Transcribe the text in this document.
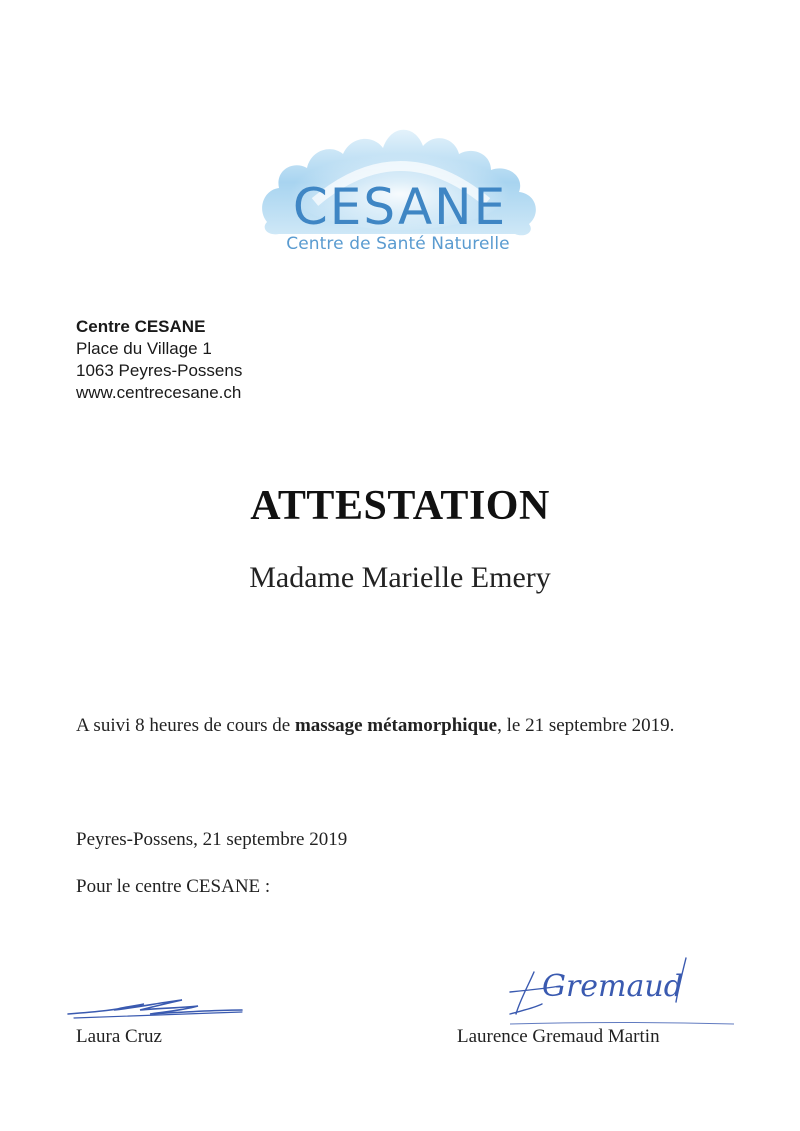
CESANE
Centre de Santé Naturelle
Centre CESANE
Place du Village 1
1063 Peyres-Possens
www.centrecesane.ch
ATTESTATION
Madame Marielle Emery
A suivi 8 heures de cours de massage métamorphique, le 21 septembre 2019.
Peyres-Possens, 21 septembre 2019
Pour le centre CESANE :
Laura Cruz
Gremaud
Laurence Gremaud Martin
